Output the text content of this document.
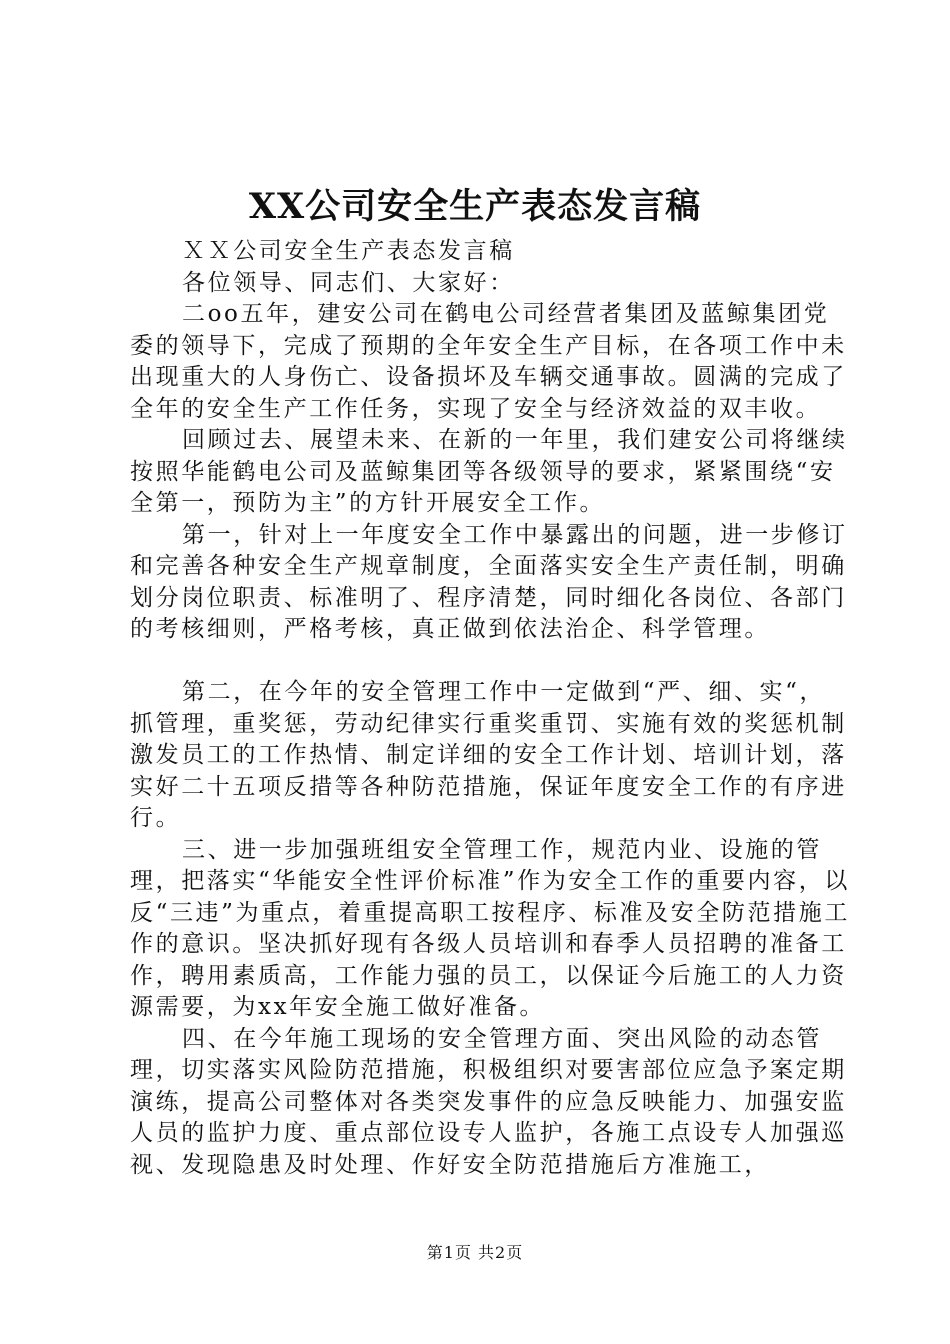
XX公司安全生产表态发言稿

ＸＸ公司安全生产表态发言稿

各位领导、同志们、大家好：

二oo五年，建安公司在鹤电公司经营者集团及蓝鲸集团党委的领导下，完成了预期的全年安全生产目标，在各项工作中未出现重大的人身伤亡、设备损坏及车辆交通事故。圆满的完成了全年的安全生产工作任务，实现了安全与经济效益的双丰收。

回顾过去、展望未来、在新的一年里，我们建安公司将继续按照华能鹤电公司及蓝鲸集团等各级领导的要求，紧紧围绕“安全第一，预防为主”的方针开展安全工作。

第一，针对上一年度安全工作中暴露出的问题，进一步修订和完善各种安全生产规章制度，全面落实安全生产责任制，明确划分岗位职责、标准明了、程序清楚，同时细化各岗位、各部门的考核细则，严格考核，真正做到依法治企、科学管理。

第二，在今年的安全管理工作中一定做到“严、细、实“，抓管理，重奖惩，劳动纪律实行重奖重罚、实施有效的奖惩机制激发员工的工作热情、制定详细的安全工作计划、培训计划，落实好二十五项反措等各种防范措施，保证年度安全工作的有序进行。

三、进一步加强班组安全管理工作，规范内业、设施的管理，把落实“华能安全性评价标准”作为安全工作的重要内容，以反“三违”为重点，着重提高职工按程序、标准及安全防范措施工作的意识。坚决抓好现有各级人员培训和春季人员招聘的准备工作，聘用素质高，工作能力强的员工，以保证今后施工的人力资源需要，为xx年安全施工做好准备。

四、在今年施工现场的安全管理方面、突出风险的动态管理，切实落实风险防范措施，积极组织对要害部位应急予案定期演练，提高公司整体对各类突发事件的应急反映能力、加强安监人员的监护力度、重点部位设专人监护，各施工点设专人加强巡视、发现隐患及时处理、作好安全防范措施后方准施工，

第1页 共2页
